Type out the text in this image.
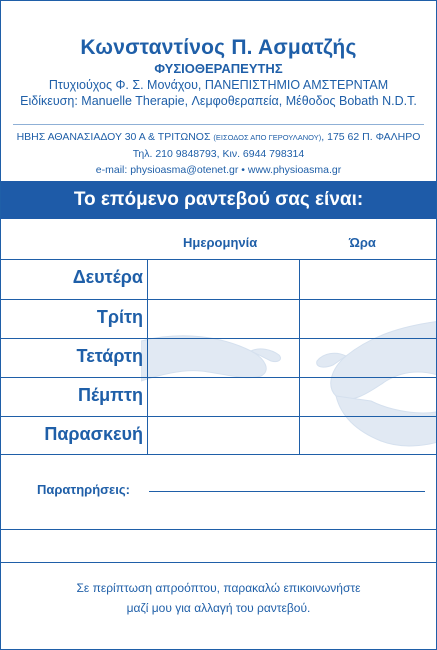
Κωνσταντίνος Π. Ασματζής
ΦΥΣΙΟΘΕΡΑΠΕΥΤΗΣ
Πτυχιούχος Φ. Σ. Μονάχου, ΠΑΝΕΠΙΣΤΗΜΙΟ ΑΜΣΤΕΡΝΤΑΜ
Ειδίκευση: Manuelle Therapie, Λεμφοθεραπεία, Μέθοδος Bobath N.D.T.
ΗΒΗΣ ΑΘΑΝΑΣΙΑΔΟΥ 30 Α & ΤΡΙΤΩΝΟΣ (ΕΙΣΟΔΟΣ ΑΠΟ ΓΕΡΟΥΛΑΝΟΥ), 175 62 Π. ΦΑΛΗΡΟ
Τηλ. 210 9848793, Κιν. 6944 798314
e-mail: physioasma@otenet.gr • www.physioasma.gr
Το επόμενο ραντεβού σας είναι:
Ημερομηνία	Ώρα
Δευτέρα
Τρίτη
Τετάρτη
Πέμπτη
Παρασκευή
Παρατηρήσεις:
Σε περίπτωση απροόπτου, παρακαλώ επικοινωνήστε
μαζί μου για αλλαγή του ραντεβού.
